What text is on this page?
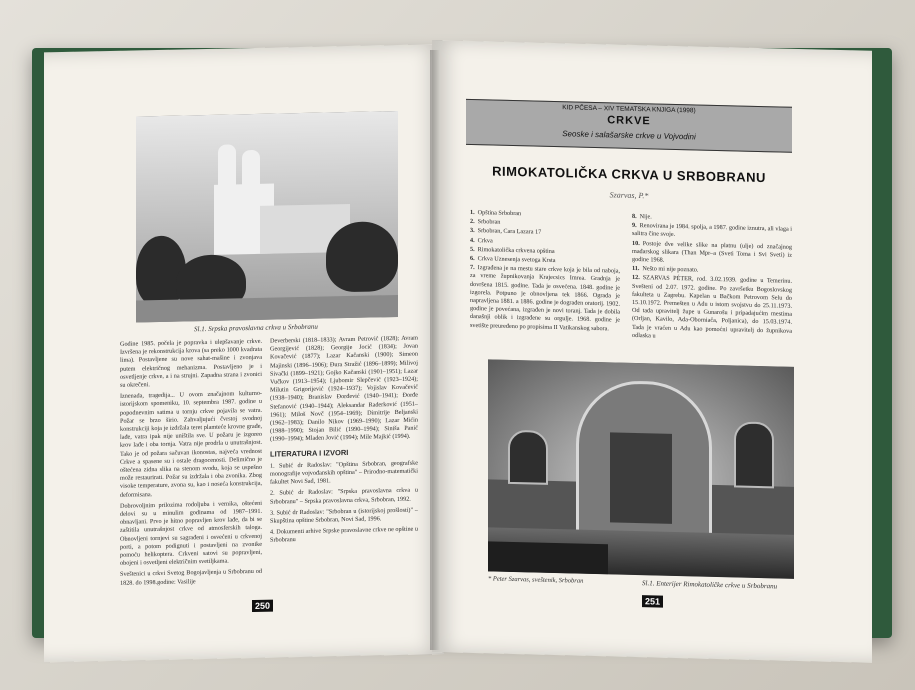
Sl.1. Srpska pravoslavna crkva u Srbobranu

Godine 1985. počela je popravka i ulepšavanje crkve. Izvršena je rekonstrukcija krova (sa preko 1000 kvadrata lima). Postavljene su nove sahat-mašine i zvonjava putem električnog mehanizma. Postavljeno je i osvetljenje crkve, a i na strujni. Zapadna strana i zvonici su okrečeni.

Iznenada, tragedija... U ovom značajnom kulturno-istorijskom spomeniku, 10. septembra 1987. godine u popodnevnim satima u tornju crkve pojavila se vatra. Požar se brzo širio. Zahvaljujući čvrstoj svodnoj konstrukciji koja je izdržala teret plamteće krovne građe, lađe, vatra ipak nije uništila sve. U požaru je izgoreo krov lađe i oba tornja. Vatra nije prodrla u unutrašnjost. Tako je od požara sačuvan ikonostas, najveća vrednost Crkve a spasene su i ostale dragocenosti. Delimično je oštećena zidna slika na stenom svodu, koja se uspešno može restaurirati. Požar su izdržala i oba zvonika. Zbog visoke temperature, zvona su, kao i noseća konstrukcija, deformisana.

Dobrovoljnim prilozima rodoljuba i vernika, oštećeni delovi su u minulim godinama od 1987–1991. obnavljani. Prvo je hitno popravljen krov lađe, da bi se zaštitila unutrašnjost crkve od atmosferskih taloga. Obnovljeni tornjevi su sagrađeni i osvećeni u crkvenoj porti, a potom podignuti i postavljeni na zvonike pomoću helikoptera. Crkveni satovi su popravljeni, obojeni i osvetljeni električnim svetiljkama.

Sveštenici u crkvi Svetog Bogojavljenja u Srbobranu od 1828. do 1998.godine: Vasilije

Deverberski (1818–1833); Avram Petrović (1828); Avram Georgijević (1828); Georgije Jocić (1834); Jovan Kovačević (1877); Lazar Kačanski (1900); Simeon Majinski (1896–1906); Đura Stražić (1896–1899); Milivoj Sivački (1899–1921); Gojko Kačanski (1901–1951); Lazar Vučkov (1913–1954); Ljubomir Slepčević (1923–1924); Milutin Grigorijević (1924–1937); Vojislav Kovačević (1938–1940); Branislav Đorđević (1940–1941); Đorđe Stefanović (1940–1944); Aleksandar Raderković (1951–1961); Miloš Novč (1954–1969); Dimitrije Beljanski (1962–1983); Danilo Nikov (1969–1990); Lazar Mićin (1988–1990); Stojan Bilić (1990–1994); Siniša Panić (1990–1994); Mladen Jović (1994); Mile Majkić (1994).

LITERATURA I IZVORI

1. Subić dr Radoslav: "Opština Srbobran, geografske monografije vojvođanskih opština" – Prirodno-matematički fakultet Novi Sad, 1981.

2. Subić dr Radoslav: "Srpska pravoslavna crkva u Srbobranu" – Srpska pravoslavna crkva, Srbobran, 1992.

3. Subić dr Radoslav: "Srbobran u (istorijskoj prošlosti)" – Skupština opštine Srbobran, Novi Sad, 1996.

4. Dokumenti arhive Srpske pravoslavne crkve ne opštine u Srbobranu

250
KID PČESA – XIV TEMATSKA KNJIGA (1998)
CRKVE
Seoske i salašarske crkve u Vojvodini
RIMOKATOLIČKA CRKVA U SRBOBRANU
Szarvas, P.*
1. Opština Srbobran
2. Srbobran
3. Srbobran, Cara Lazara 17
4. Crkva
5. Rimokatolička crkvena opština
6. Crkva Uznesenja svetoga Krsta
7. Izgrađena je na mestu stare crkve koja je bila od naboja, za vreme župnikovanja Krajecsics Imrea. Gradnja je dovršena 1815. godine. Tada je osvećena. 1848. godine je izgorela. Potpuno je obnovljena tek 1866. Ograda je napravljena 1881. a 1886. godine je dograđen oratorij. 1902. godine je povećana, izgrađen je novi toranj. Tada je dobila današnji oblik i izgrađene su orgulje. 1968. godine je svetište preuređeno po propisima II Vatikanskog sabora.
8. Nije.
9. Renovirana je 1984. spolja, a 1987. godine iznutra, ali vlaga i salitra čine svoje.
10. Postoje dve velike slike na platnu (ulje) od značajnog mađarskog slikara (Than Mpr–a (Sveti Toma i Svi Sveti) iz godine 1968.
11. Nešto mi nije poznato.
12. SZARVAS PÉTER, rod. 3.02.1939. godine u Temerinu. Svešteni od 2.07. 1972. godine. Po završetku Bogoslovskog fakulteta u Zagrebu. Kapelan u Bačkom Petrovom Selu do 15.10.1972. Premešten u Adu u istom svojstvu do 25.11.1973. Od tada upravitelj župe u Gunarošu i pripadajućim mestima (Orljan, Kavilo, Ada-Oborniača, Poljanica), do 15.03.1974. Tada je vraćen u Adu kao pomoćni upravitelj do župnikova odlaska u
* Peter Szarvas, sveštenik, Srbobran	Sl.1. Enterijer Rimokatoličke crkve u Srbobranu
251
